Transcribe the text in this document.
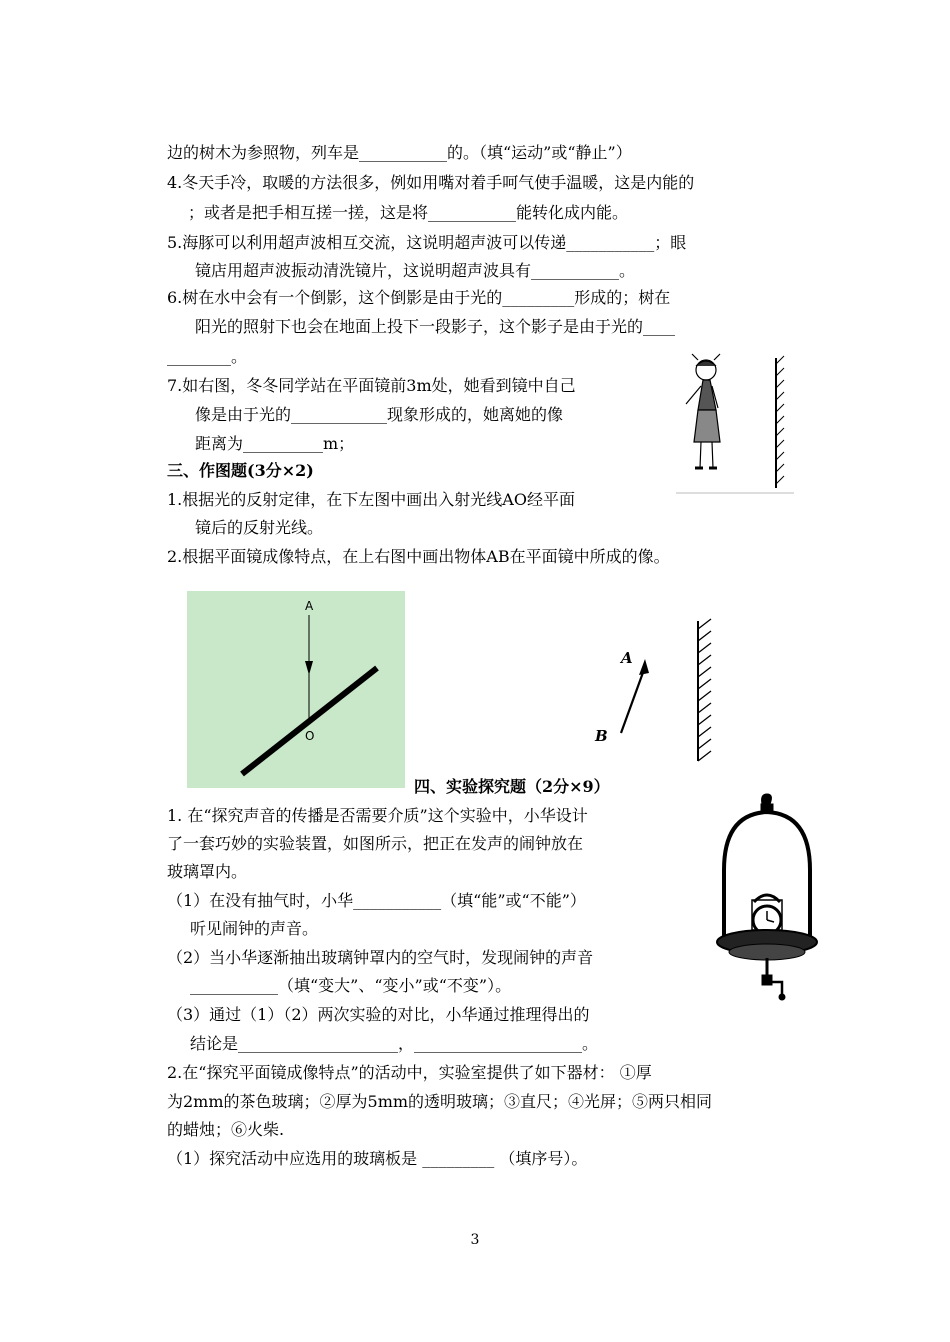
边的树木为参照物，列车是___________的。（填“运动”或“静止”）
4.冬天手冷，取暖的方法很多，例如用嘴对着手呵气使手温暖，这是内能的
；或者是把手相互搓一搓，这是将___________能转化成内能。
5.海豚可以利用超声波相互交流，这说明超声波可以传递___________；眼
镜店用超声波振动清洗镜片，这说明超声波具有___________。
6.树在水中会有一个倒影，这个倒影是由于光的_________形成的；树在
阳光的照射下也会在地面上投下一段影子，这个影子是由于光的____
________。
7.如右图，冬冬同学站在平面镜前3m处，她看到镜中自己
像是由于光的____________现象形成的，她离她的像
距离为__________m；
三、作图题(3分×2)
1.根据光的反射定律，在下左图中画出入射光线AO经平面
镜后的反射光线。
2.根据平面镜成像特点，在上右图中画出物体AB在平面镜中所成的像。
四、实验探究题（2分×9）
1. 在“探究声音的传播是否需要介质”这个实验中，小华设计
了一套巧妙的实验装置，如图所示，把正在发声的闹钟放在
玻璃罩内。
（1）在没有抽气时，小华___________（填“能”或“不能”）
听见闹钟的声音。
（2）当小华逐渐抽出玻璃钟罩内的空气时，发现闹钟的声音
___________（填“变大”、“变小”或“不变”）。
（3）通过（1）（2）两次实验的对比，小华通过推理得出的
结论是____________________，_____________________。
2.在“探究平面镜成像特点”的活动中，实验室提供了如下器材： ①厚
为2mm的茶色玻璃；②厚为5mm的透明玻璃；③直尺；④光屏；⑤两只相同
的蜡烛；⑥火柴.
（1）探究活动中应选用的玻璃板是 _________ （填序号）。
A
O
A
B
3
